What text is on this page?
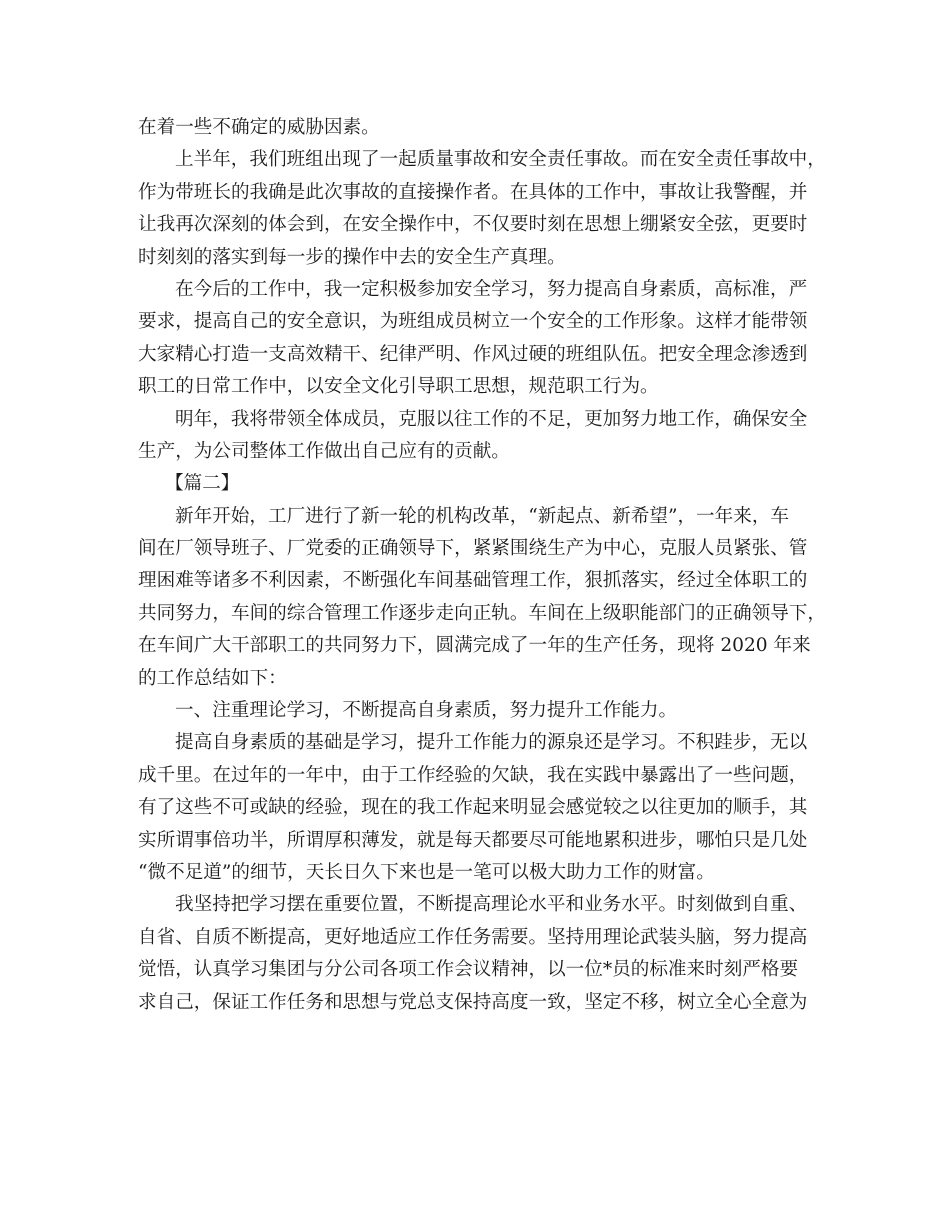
在着一些不确定的威胁因素。
上半年，我们班组出现了一起质量事故和安全责任事故。而在安全责任事故中，
作为带班长的我确是此次事故的直接操作者。在具体的工作中，事故让我警醒，并
让我再次深刻的体会到，在安全操作中，不仅要时刻在思想上绷紧安全弦，更要时
时刻刻的落实到每一步的操作中去的安全生产真理。
在今后的工作中，我一定积极参加安全学习，努力提高自身素质，高标准，严
要求，提高自己的安全意识，为班组成员树立一个安全的工作形象。这样才能带领
大家精心打造一支高效精干、纪律严明、作风过硬的班组队伍。把安全理念渗透到
职工的日常工作中，以安全文化引导职工思想，规范职工行为。
明年，我将带领全体成员，克服以往工作的不足，更加努力地工作，确保安全
生产，为公司整体工作做出自己应有的贡献。
【篇二】
新年开始，工厂进行了新一轮的机构改革，“新起点、新希望”，一年来，车
间在厂领导班子、厂党委的正确领导下，紧紧围绕生产为中心，克服人员紧张、管
理困难等诸多不利因素，不断强化车间基础管理工作，狠抓落实，经过全体职工的
共同努力，车间的综合管理工作逐步走向正轨。车间在上级职能部门的正确领导下，
在车间广大干部职工的共同努力下，圆满完成了一年的生产任务，现将 2020 年来
的工作总结如下：
一、注重理论学习，不断提高自身素质，努力提升工作能力。
提高自身素质的基础是学习，提升工作能力的源泉还是学习。不积跬步，无以
成千里。在过年的一年中，由于工作经验的欠缺，我在实践中暴露出了一些问题，
有了这些不可或缺的经验，现在的我工作起来明显会感觉较之以往更加的顺手，其
实所谓事倍功半，所谓厚积薄发，就是每天都要尽可能地累积进步，哪怕只是几处
“微不足道”的细节，天长日久下来也是一笔可以极大助力工作的财富。
我坚持把学习摆在重要位置，不断提高理论水平和业务水平。时刻做到自重、
自省、自质不断提高，更好地适应工作任务需要。坚持用理论武装头脑，努力提高
觉悟，认真学习集团与分公司各项工作会议精神，以一位*员的标准来时刻严格要
求自己，保证工作任务和思想与党总支保持高度一致，坚定不移，树立全心全意为
